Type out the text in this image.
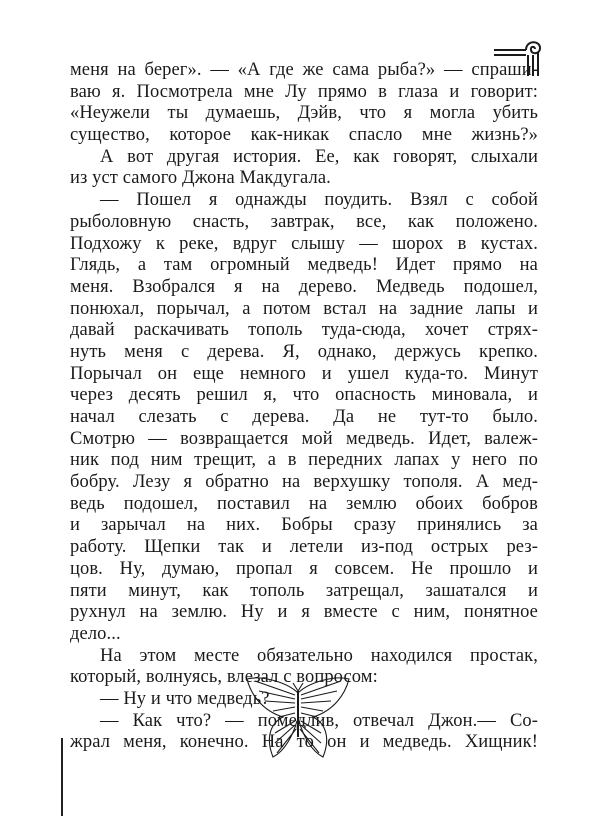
меня на берег». — «А где же сама рыба?» — спраши-
ваю я. Посмотрела мне Лу прямо в глаза и говорит:
«Неужели ты думаешь, Дэйв, что я могла убить
существо, которое как-никак спасло мне жизнь?»
А вот другая история. Ее, как говорят, слыхали
из уст самого Джона Макдугала.
— Пошел я однажды поудить. Взял с собой
рыболовную снасть, завтрак, все, как положено.
Подхожу к реке, вдруг слышу — шорох в кустах.
Глядь, а там огромный медведь! Идет прямо на
меня. Взобрался я на дерево. Медведь подошел,
понюхал, порычал, а потом встал на задние лапы и
давай раскачивать тополь туда-сюда, хочет стрях-
нуть меня с дерева. Я, однако, держусь крепко.
Порычал он еще немного и ушел куда-то. Минут
через десять решил я, что опасность миновала, и
начал слезать с дерева. Да не тут-то было.
Смотрю — возвращается мой медведь. Идет, валеж-
ник под ним трещит, а в передних лапах у него по
бобру. Лезу я обратно на верхушку тополя. А мед-
ведь подошел, поставил на землю обоих бобров
и зарычал на них. Бобры сразу принялись за
работу. Щепки так и летели из-под острых рез-
цов. Ну, думаю, пропал я совсем. Не прошло и
пяти минут, как тополь затрещал, зашатался и
рухнул на землю. Ну и я вместе с ним, понятное
дело...
На этом месте обязательно находился простак,
который, волнуясь, влезал с вопросом:
— Ну и что медведь?
— Как что? — помедлив, отвечал Джон.— Со-
жрал меня, конечно. На то он и медведь. Хищник!
